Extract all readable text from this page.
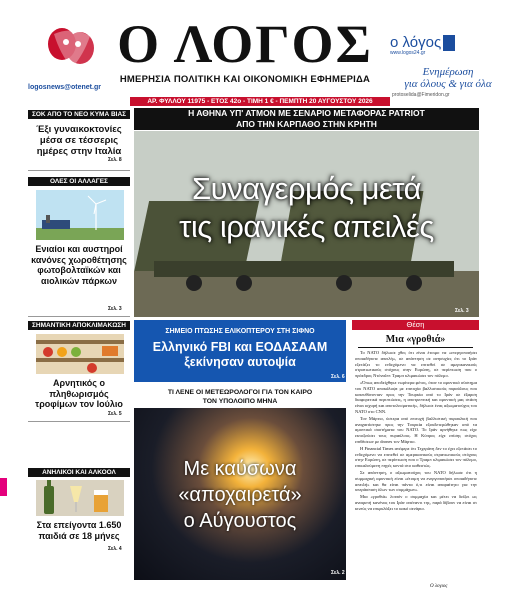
logosnews@otenet.gr
Ο ΛΟΓΟΣ
ΗΜΕΡΗΣΙΑ ΠΟΛΙΤΙΚΗ ΚΑΙ ΟΙΚΟΝΟΜΙΚΗ ΕΦΗΜΕΡΙΔΑ
ο λόγος
www.logos24.gr
Ενημέρωση
για όλους & για όλα
protoselida@Fimeridon.gr
ΑΡ. ΦΥΛΛΟΥ 11975 - ΕΤΟΣ 42ο - ΤΙΜΗ 1 € - ΠΕΜΠΤΗ 20 ΑΥΓΟΥΣΤΟΥ 2026
ΣΟΚ ΑΠΟ ΤΟ ΝΕΟ ΚΥΜΑ ΒΙΑΣ
Έξι γυναικοκτονίες μέσα σε τέσσερις ημέρες στην Ιταλία
Σελ. 8
ΟΛΕΣ ΟΙ ΑΛΛΑΓΕΣ
Ενιαίοι και αυστηροί κανόνες χωροθέτησης φωτοβολταϊκών και αιολικών πάρκων
Σελ. 3
ΣΗΜΑΝΤΙΚΗ ΑΠΟΚΛΙΜΑΚΩΣΗ
Αρνητικός ο πληθωρισμός τροφίμων τον Ιούλιο
Σελ. 5
ΑΝΗΛΙΚΟΙ ΚΑΙ ΑΛΚΟΟΛ
Στα επείγοντα 1.650 παιδιά σε 18 μήνες
Σελ. 4
Η ΑΘΗΝΑ ΥΠ' ΑΤΜΟΝ ΜΕ ΣΕΝΑΡΙΟ ΜΕΤΑΦΟΡΑΣ PATRIOT
ΑΠΟ ΤΗΝ ΚΑΡΠΑΘΟ ΣΤΗΝ ΚΡΗΤΗ
Συναγερμός μετά
τις ιρανικές απειλές
Σελ. 3
ΣΗΜΕΙΟ ΠΤΩΣΗΣ ΕΛΙΚΟΠΤΕΡΟΥ ΣΤΗ ΣΙΦΝΟ
Ελληνικό FBI και ΕΟΔΑΣΑΑΜ
ξεκίνησαν αυτοψία
Σελ. 6
ΤΙ ΛΕΝΕ ΟΙ ΜΕΤΕΩΡΟΛΟΓΟΙ ΓΙΑ ΤΟΝ ΚΑΙΡΟ
ΤΟΝ ΥΠΟΛΟΙΠΟ ΜΗΝΑ
Με καύσωνα «αποχαιρετά»
ο Αύγουστος
Σελ. 2
Θέση
Μια «γροθιά»

Το ΝΑΤΟ δήλωσε χθες ότι είναι έτοιμο να «ενεργοποιήσει οποιαδήποτε απειλή», σε απάντηση σε ανησυχίες ότι το Ιράν εξετάζει το ενδεχόμενο να επιτεθεί σε αμερικανικούς στρατιωτικούς στόχους στην Ευρώπη, σε περίπτωση που ο πρόεδρος Ντόναλντ Τραμπ κλιμακώσει τον πόλεμο.

«Όπως αποδείχθηκε νωρίτερα φέτος, όταν το αμυντικό σύστημα του ΝΑΤΟ αποκάλυψε με επιτυχία βαλλιστικούς πυραύλους που κατευθύνονταν προς την Τουρκία από το Ιράν σε έξαρση διαφορετικά περιπτώσεις, η αποτρεπτική και αμυντική μας στάση είναι ισχυρή και αποτελεσματική», δήλωσε ένας αξιωματούχος του ΝΑΤΟ στο CNN.

Τον Μάρτιο, ύστερα από επιτυχή βαλλιστική πυραυλική που αναχαιτίστηκε προς την Τουρκία εξουδετερώθηκαν από τα αμυντικά συστήματα του ΝΑΤΟ. Το Ιράν αρνήθηκε πως είχε εκτοξεύσει τους πυραύλους. Η Κύπρος είχε επίσης στόχος επιθέσεων με drones τον Μάρτιο.

Η Financial Times ανέφερε ότι Τεχεράνη δεν το έχει εξετάσει το ενδεχόμενο να επιτεθεί σε αμερικανικούς στρατιωτικούς στόχους στην Ευρώπη, σε περίπτωση που ο Τραμπ κλιμακώσει τον πόλεμο, επικαλούμενη πηγές κοντά στο καθεστώς.

Σε απάντηση, ο αξιωματούχος του ΝΑΤΟ δήλωσε ότι η συμμαχική αμυντική είναι «έτοιμη να ενεργοποιήσει οποιαδήποτε απειλή» και θα είναι πάντα ό,τι είναι απαραίτητο για την υπεράσπιση όλων των συμμάχων».

Μια «γροθιά» λοιπόν ο συμμαχία και μέτει να δείξει ως αναιρετή κανένας του Ιράν απέναντι της, παρά δίβουν να είναι στ κινεύς να επιφυλάξει το κακό σενάριο.

Ο λογιος
